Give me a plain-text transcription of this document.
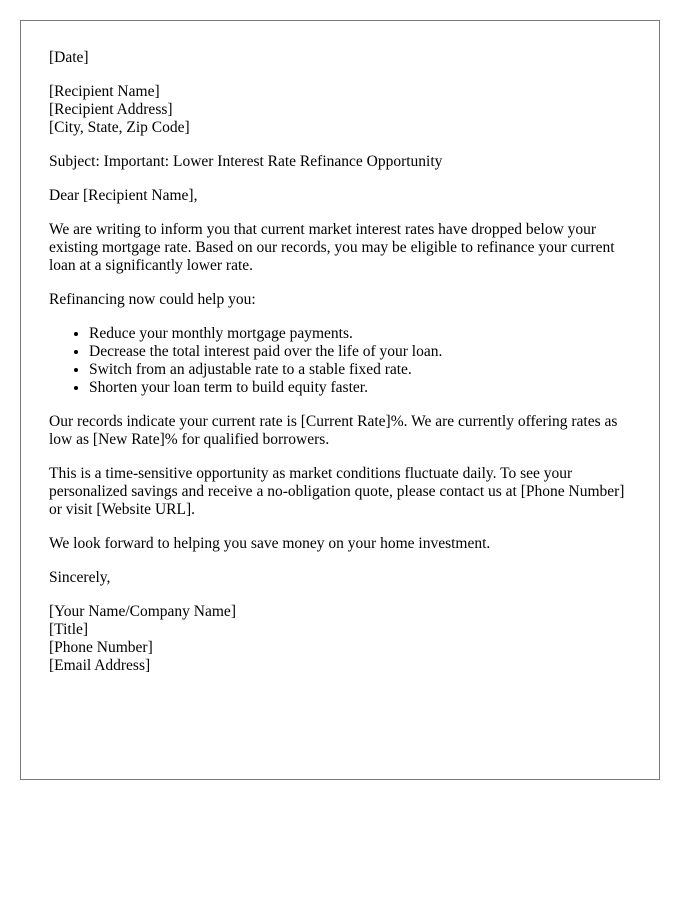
[Date]
[Recipient Name]
[Recipient Address]
[City, State, Zip Code]

Subject: Important: Lower Interest Rate Refinance Opportunity

Dear [Recipient Name],

We are writing to inform you that current market interest rates have dropped below your existing mortgage rate. Based on our records, you may be eligible to refinance your current loan at a significantly lower rate.

Refinancing now could help you:

• Reduce your monthly mortgage payments.
• Decrease the total interest paid over the life of your loan.
• Switch from an adjustable rate to a stable fixed rate.
• Shorten your loan term to build equity faster.

Our records indicate your current rate is [Current Rate]%. We are currently offering rates as low as [New Rate]% for qualified borrowers.

This is a time-sensitive opportunity as market conditions fluctuate daily. To see your personalized savings and receive a no-obligation quote, please contact us at [Phone Number] or visit [Website URL].

We look forward to helping you save money on your home investment.

Sincerely,

[Your Name/Company Name]
[Title]
[Phone Number]
[Email Address]
